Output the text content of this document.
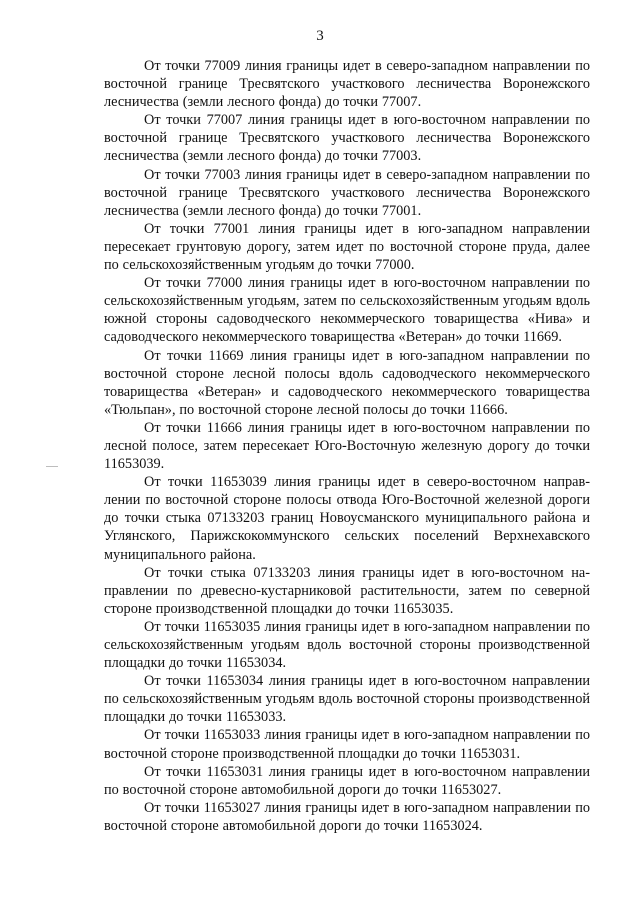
3

От точки 77009 линия границы идет в северо-западном направлении по восточной границе Тресвятского участкового лесничества Воронежского лесничества (земли лесного фонда) до точки 77007.

От точки 77007 линия границы идет в юго-восточном направлении по восточной границе Тресвятского участкового лесничества Воронежского лесничества (земли лесного фонда) до точки 77003.

От точки 77003 линия границы идет в северо-западном направлении по восточной границе Тресвятского участкового лесничества Воронежского лесничества (земли лесного фонда) до точки 77001.

От точки 77001 линия границы идет в юго-западном направлении пересекает грунтовую дорогу, затем идет по восточной стороне пруда, далее по сельскохозяйственным угодьям до точки 77000.

От точки 77000 линия границы идет в юго-восточном направлении по сельскохозяйственным угодьям, затем по сельскохозяйственным угодьям вдоль южной стороны садоводческого некоммерческого товарищества «Нива» и садоводческого некоммерческого товарищества «Ветеран» до точки 11669.

От точки 11669 линия границы идет в юго-западном направлении по восточной стороне лесной полосы вдоль садоводческого некоммерческого товарищества «Ветеран» и садоводческого некоммерческого товарищества «Тюльпан», по восточной стороне лесной полосы до точки 11666.

От точки 11666 линия границы идет в юго-восточном направлении по лесной полосе, затем пересекает Юго-Восточную железную дорогу до точки 11653039.

От точки 11653039 линия границы идет в северо-восточном направлении по восточной стороне полосы отвода Юго-Восточной железной дороги до точки стыка 07133203 границ Новоусманского муниципального района и Углянского, Парижскокоммунского сельских поселений Верхнехавского муниципального района.

От точки стыка 07133203 линия границы идет в юго-восточном направлении по древесно-кустарниковой растительности, затем по северной стороне производственной площадки до точки 11653035.

От точки 11653035 линия границы идет в юго-западном направлении по сельскохозяйственным угодьям вдоль восточной стороны производственной площадки до точки 11653034.

От точки 11653034 линия границы идет в юго-восточном направлении по сельскохозяйственным угодьям вдоль восточной стороны производственной площадки до точки 11653033.

От точки 11653033 линия границы идет в юго-западном направлении по восточной стороне производственной площадки до точки 11653031.

От точки 11653031 линия границы идет в юго-восточном направлении по восточной стороне автомобильной дороги до точки 11653027.

От точки 11653027 линия границы идет в юго-западном направлении по восточной стороне автомобильной дороги до точки 11653024.
